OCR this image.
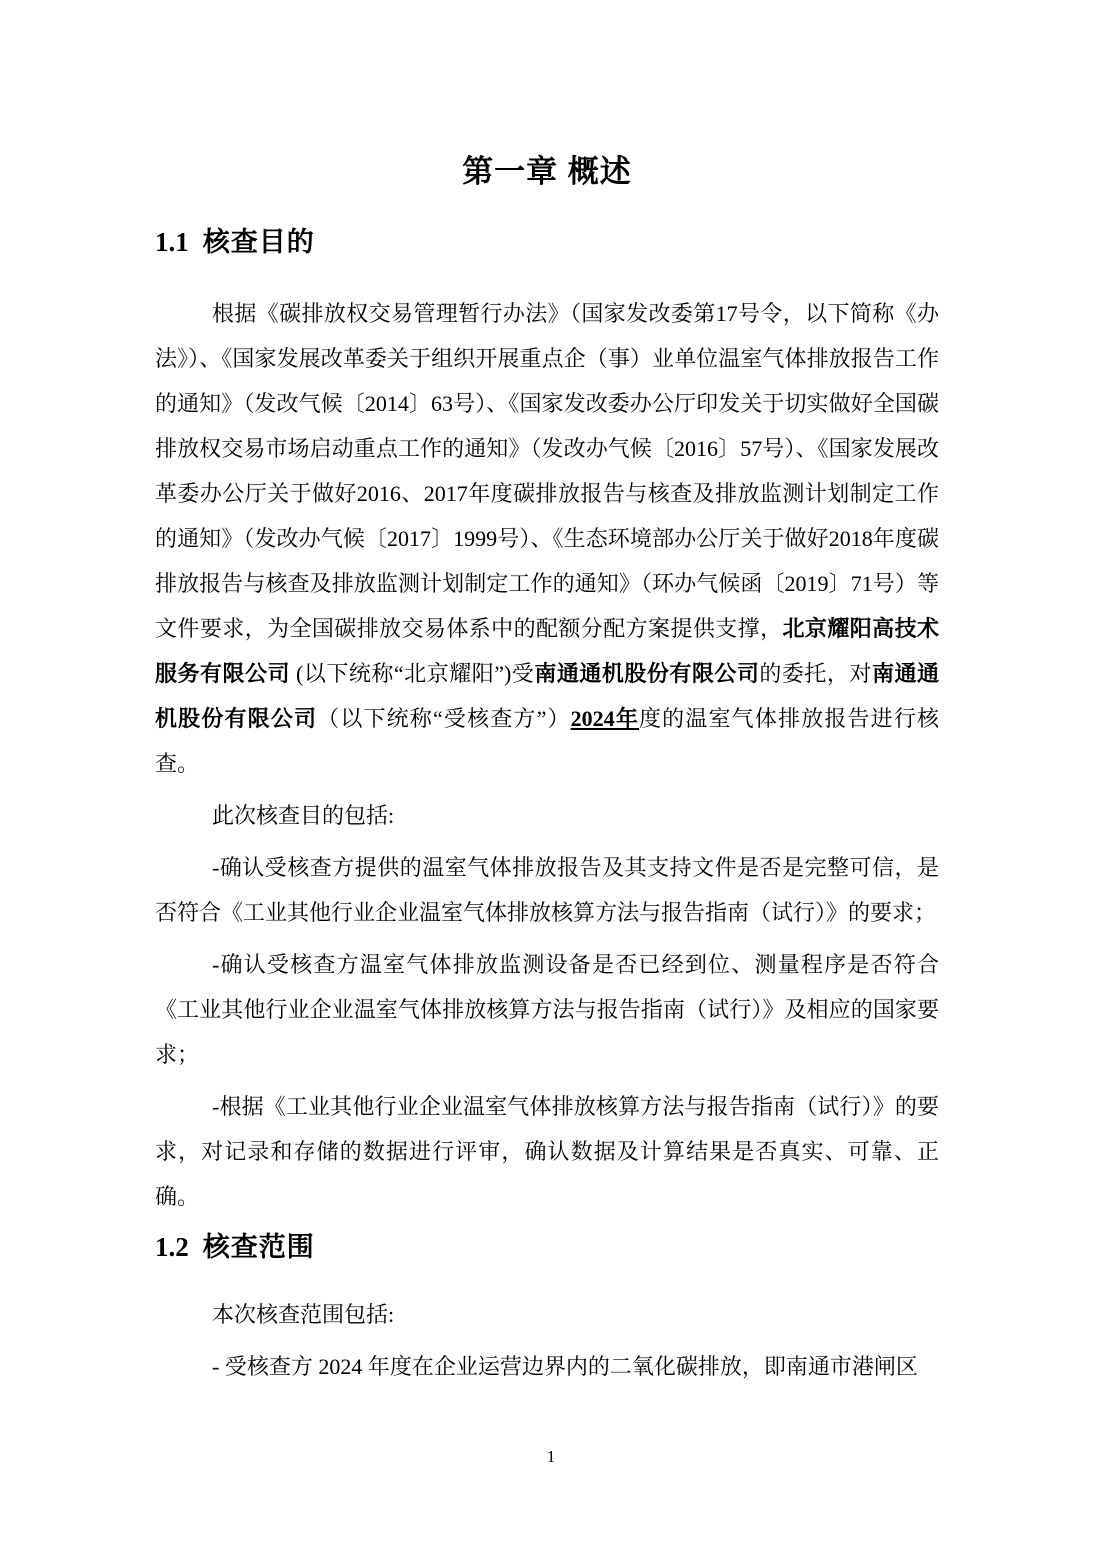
第一章 概述
1.1 核查目的

根据《碳排放权交易管理暂行办法》（国家发改委第17号令，以下简称《办法》）、《国家发展改革委关于组织开展重点企（事）业单位温室气体排放报告工作的通知》（发改气候〔2014〕63号）、《国家发改委办公厅印发关于切实做好全国碳排放权交易市场启动重点工作的通知》（发改办气候〔2016〕57号）、《国家发展改革委办公厅关于做好2016、2017年度碳排放报告与核查及排放监测计划制定工作的通知》（发改办气候〔2017〕1999号）、《生态环境部办公厅关于做好2018年度碳排放报告与核查及排放监测计划制定工作的通知》（环办气候函〔2019〕71号）等文件要求，为全国碳排放交易体系中的配额分配方案提供支撑，北京耀阳高技术服务有限公司 (以下统称“北京耀阳”)受南通通机股份有限公司的委托，对南通通机股份有限公司（以下统称“受核查方”）2024年度的温室气体排放报告进行核查。

此次核查目的包括:

-确认受核查方提供的温室气体排放报告及其支持文件是否是完整可信，是否符合《工业其他行业企业温室气体排放核算方法与报告指南（试行）》的要求；

-确认受核查方温室气体排放监测设备是否已经到位、测量程序是否符合《工业其他行业企业温室气体排放核算方法与报告指南（试行）》及相应的国家要求；

-根据《工业其他行业企业温室气体排放核算方法与报告指南（试行）》的要求，对记录和存储的数据进行评审，确认数据及计算结果是否真实、可靠、正确。

1.2 核查范围

本次核查范围包括:

- 受核查方 2024 年度在企业运营边界内的二氧化碳排放，即南通市港闸区

1
